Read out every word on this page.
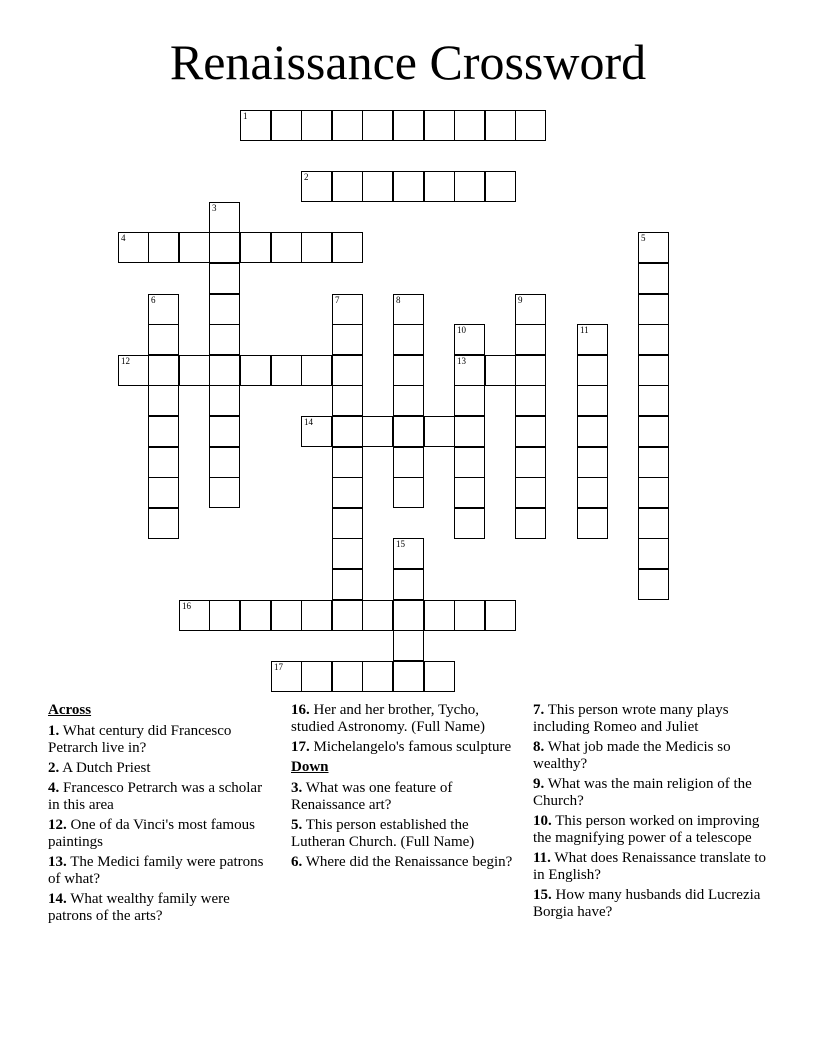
Renaissance Crossword
1
2
4
12	13
14
16
17
3
5
6	7	8	9
10	11
15
Across
1. What century did Francesco Petrarch live in?
2. A Dutch Priest
4. Francesco Petrarch was a scholar in this area
12. One of da Vinci's most famous paintings
13. The Medici family were patrons of what?
14. What wealthy family were patrons of the arts?
16. Her and her brother, Tycho, studied Astronomy. (Full Name)
17. Michelangelo's famous sculpture
Down
3. What was one feature of Renaissance art?
5. This person established the Lutheran Church. (Full Name)
6. Where did the Renaissance begin?
7. This person wrote many plays including Romeo and Juliet
8. What job made the Medicis so wealthy?
9. What was the main religion of the Church?
10. This person worked on improving the magnifying power of a telescope
11. What does Renaissance translate to in English?
15. How many husbands did Lucrezia Borgia have?
